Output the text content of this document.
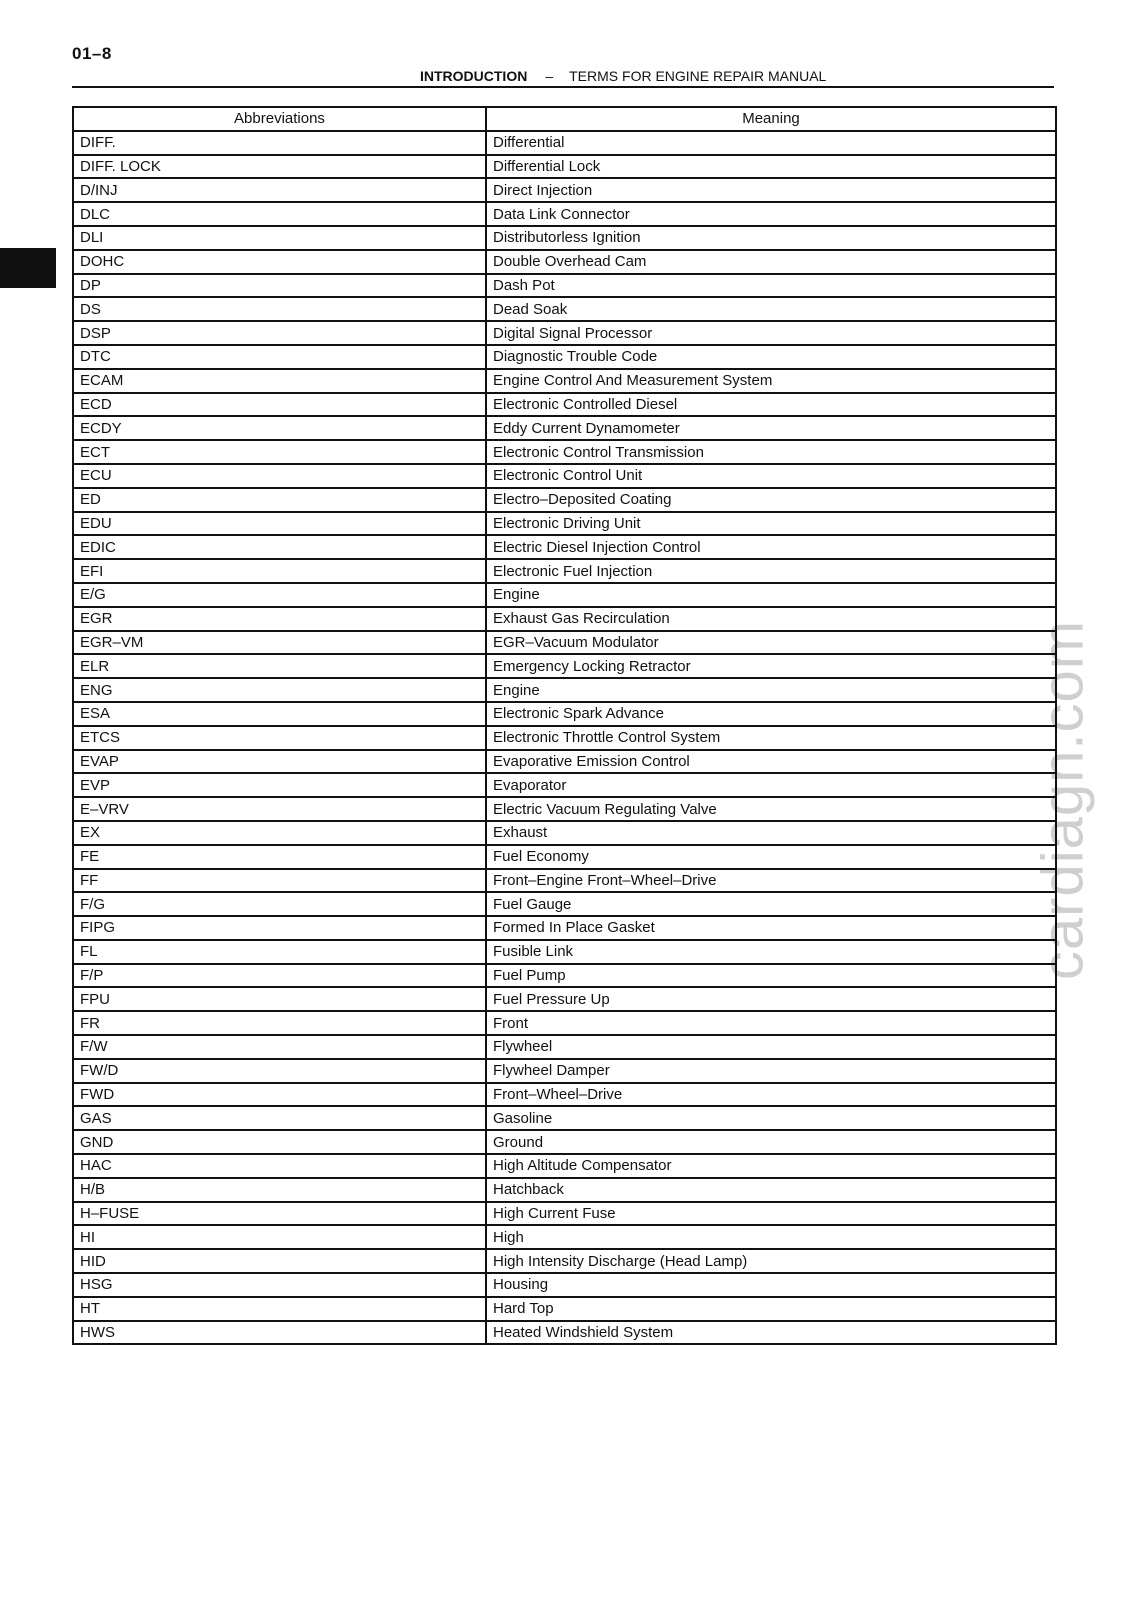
01–8
INTRODUCTION – TERMS FOR ENGINE REPAIR MANUAL
cardiagn.com
Abbreviations	Meaning
DIFF.	Differential
DIFF. LOCK	Differential Lock
D/INJ	Direct Injection
DLC	Data Link Connector
DLI	Distributorless Ignition
DOHC	Double Overhead Cam
DP	Dash Pot
DS	Dead Soak
DSP	Digital Signal Processor
DTC	Diagnostic Trouble Code
ECAM	Engine Control And Measurement System
ECD	Electronic Controlled Diesel
ECDY	Eddy Current Dynamometer
ECT	Electronic Control Transmission
ECU	Electronic Control Unit
ED	Electro–Deposited Coating
EDU	Electronic Driving Unit
EDIC	Electric Diesel Injection Control
EFI	Electronic Fuel Injection
E/G	Engine
EGR	Exhaust Gas Recirculation
EGR–VM	EGR–Vacuum Modulator
ELR	Emergency Locking Retractor
ENG	Engine
ESA	Electronic Spark Advance
ETCS	Electronic Throttle Control System
EVAP	Evaporative Emission Control
EVP	Evaporator
E–VRV	Electric Vacuum Regulating Valve
EX	Exhaust
FE	Fuel Economy
FF	Front–Engine Front–Wheel–Drive
F/G	Fuel Gauge
FIPG	Formed In Place Gasket
FL	Fusible Link
F/P	Fuel Pump
FPU	Fuel Pressure Up
FR	Front
F/W	Flywheel
FW/D	Flywheel Damper
FWD	Front–Wheel–Drive
GAS	Gasoline
GND	Ground
HAC	High Altitude Compensator
H/B	Hatchback
H–FUSE	High Current Fuse
HI	High
HID	High Intensity Discharge (Head Lamp)
HSG	Housing
HT	Hard Top
HWS	Heated Windshield System
